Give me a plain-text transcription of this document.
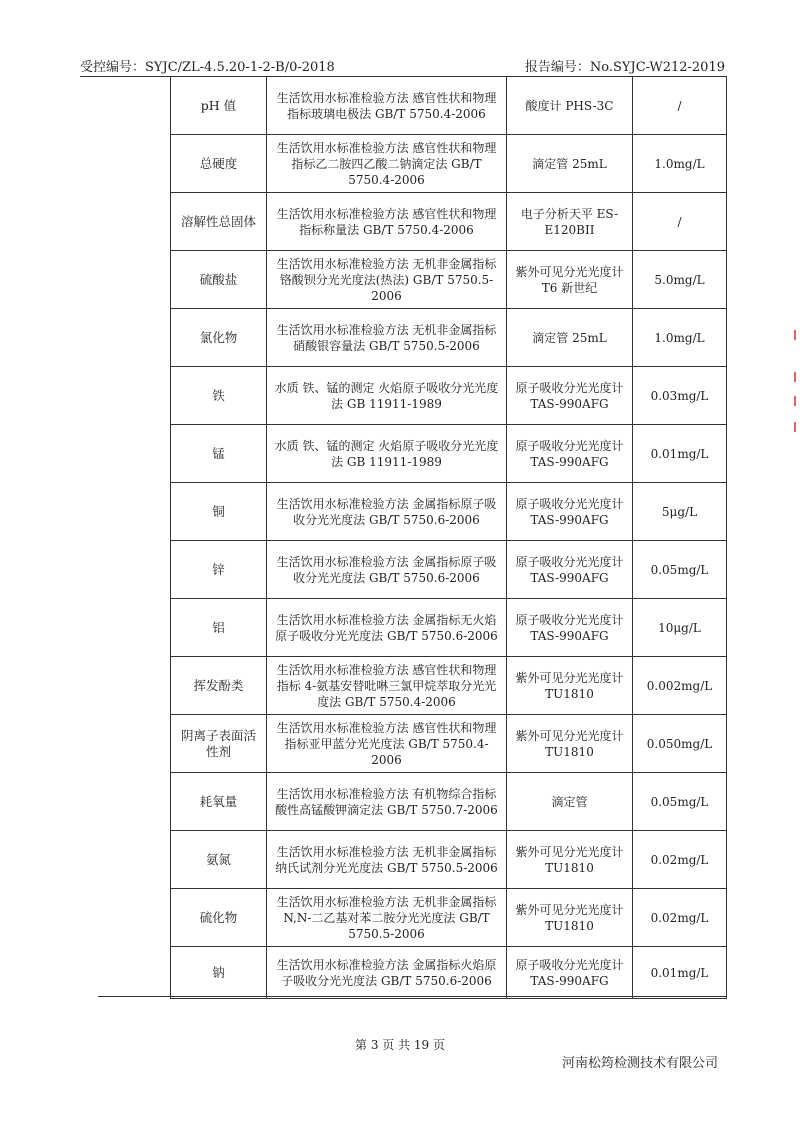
受控编号：SYJC/ZL-4.5.20-1-2-B/0-2018	报告编号：No.SYJC-W212-2019
pH 值	生活饮用水标准检验方法 感官性状和物理指标玻璃电极法 GB/T 5750.4-2006	酸度计 PHS-3C	/
总硬度	生活饮用水标准检验方法 感官性状和物理指标乙二胺四乙酸二钠滴定法 GB/T 5750.4-2006	滴定管 25mL	1.0mg/L
溶解性总固体	生活饮用水标准检验方法 感官性状和物理指标称量法 GB/T 5750.4-2006	电子分析天平 ES-E120BII	/
硫酸盐	生活饮用水标准检验方法 无机非金属指标铬酸钡分光光度法(热法) GB/T 5750.5-2006	紫外可见分光光度计 T6 新世纪	5.0mg/L
氯化物	生活饮用水标准检验方法 无机非金属指标硝酸银容量法 GB/T 5750.5-2006	滴定管 25mL	1.0mg/L
铁	水质 铁、锰的测定 火焰原子吸收分光光度法 GB 11911-1989	原子吸收分光光度计 TAS-990AFG	0.03mg/L
锰	水质 铁、锰的测定 火焰原子吸收分光光度法 GB 11911-1989	原子吸收分光光度计 TAS-990AFG	0.01mg/L
铜	生活饮用水标准检验方法 金属指标原子吸收分光光度法 GB/T 5750.6-2006	原子吸收分光光度计 TAS-990AFG	5μg/L
锌	生活饮用水标准检验方法 金属指标原子吸收分光光度法 GB/T 5750.6-2006	原子吸收分光光度计 TAS-990AFG	0.05mg/L
铝	生活饮用水标准检验方法 金属指标无火焰原子吸收分光光度法 GB/T 5750.6-2006	原子吸收分光光度计 TAS-990AFG	10μg/L
挥发酚类	生活饮用水标准检验方法 感官性状和物理指标 4-氨基安替吡啉三氯甲烷萃取分光光度法 GB/T 5750.4-2006	紫外可见分光光度计 TU1810	0.002mg/L
阴离子表面活性剂	生活饮用水标准检验方法 感官性状和物理指标亚甲蓝分光光度法 GB/T 5750.4-2006	紫外可见分光光度计 TU1810	0.050mg/L
耗氧量	生活饮用水标准检验方法 有机物综合指标酸性高锰酸钾滴定法 GB/T 5750.7-2006	滴定管	0.05mg/L
氨氮	生活饮用水标准检验方法 无机非金属指标纳氏试剂分光光度法 GB/T 5750.5-2006	紫外可见分光光度计 TU1810	0.02mg/L
硫化物	生活饮用水标准检验方法 无机非金属指标 N,N-二乙基对苯二胺分光光度法 GB/T 5750.5-2006	紫外可见分光光度计 TU1810	0.02mg/L
钠	生活饮用水标准检验方法 金属指标火焰原子吸收分光光度法 GB/T 5750.6-2006	原子吸收分光光度计 TAS-990AFG	0.01mg/L
第 3 页 共 19 页
河南松筠检测技术有限公司
